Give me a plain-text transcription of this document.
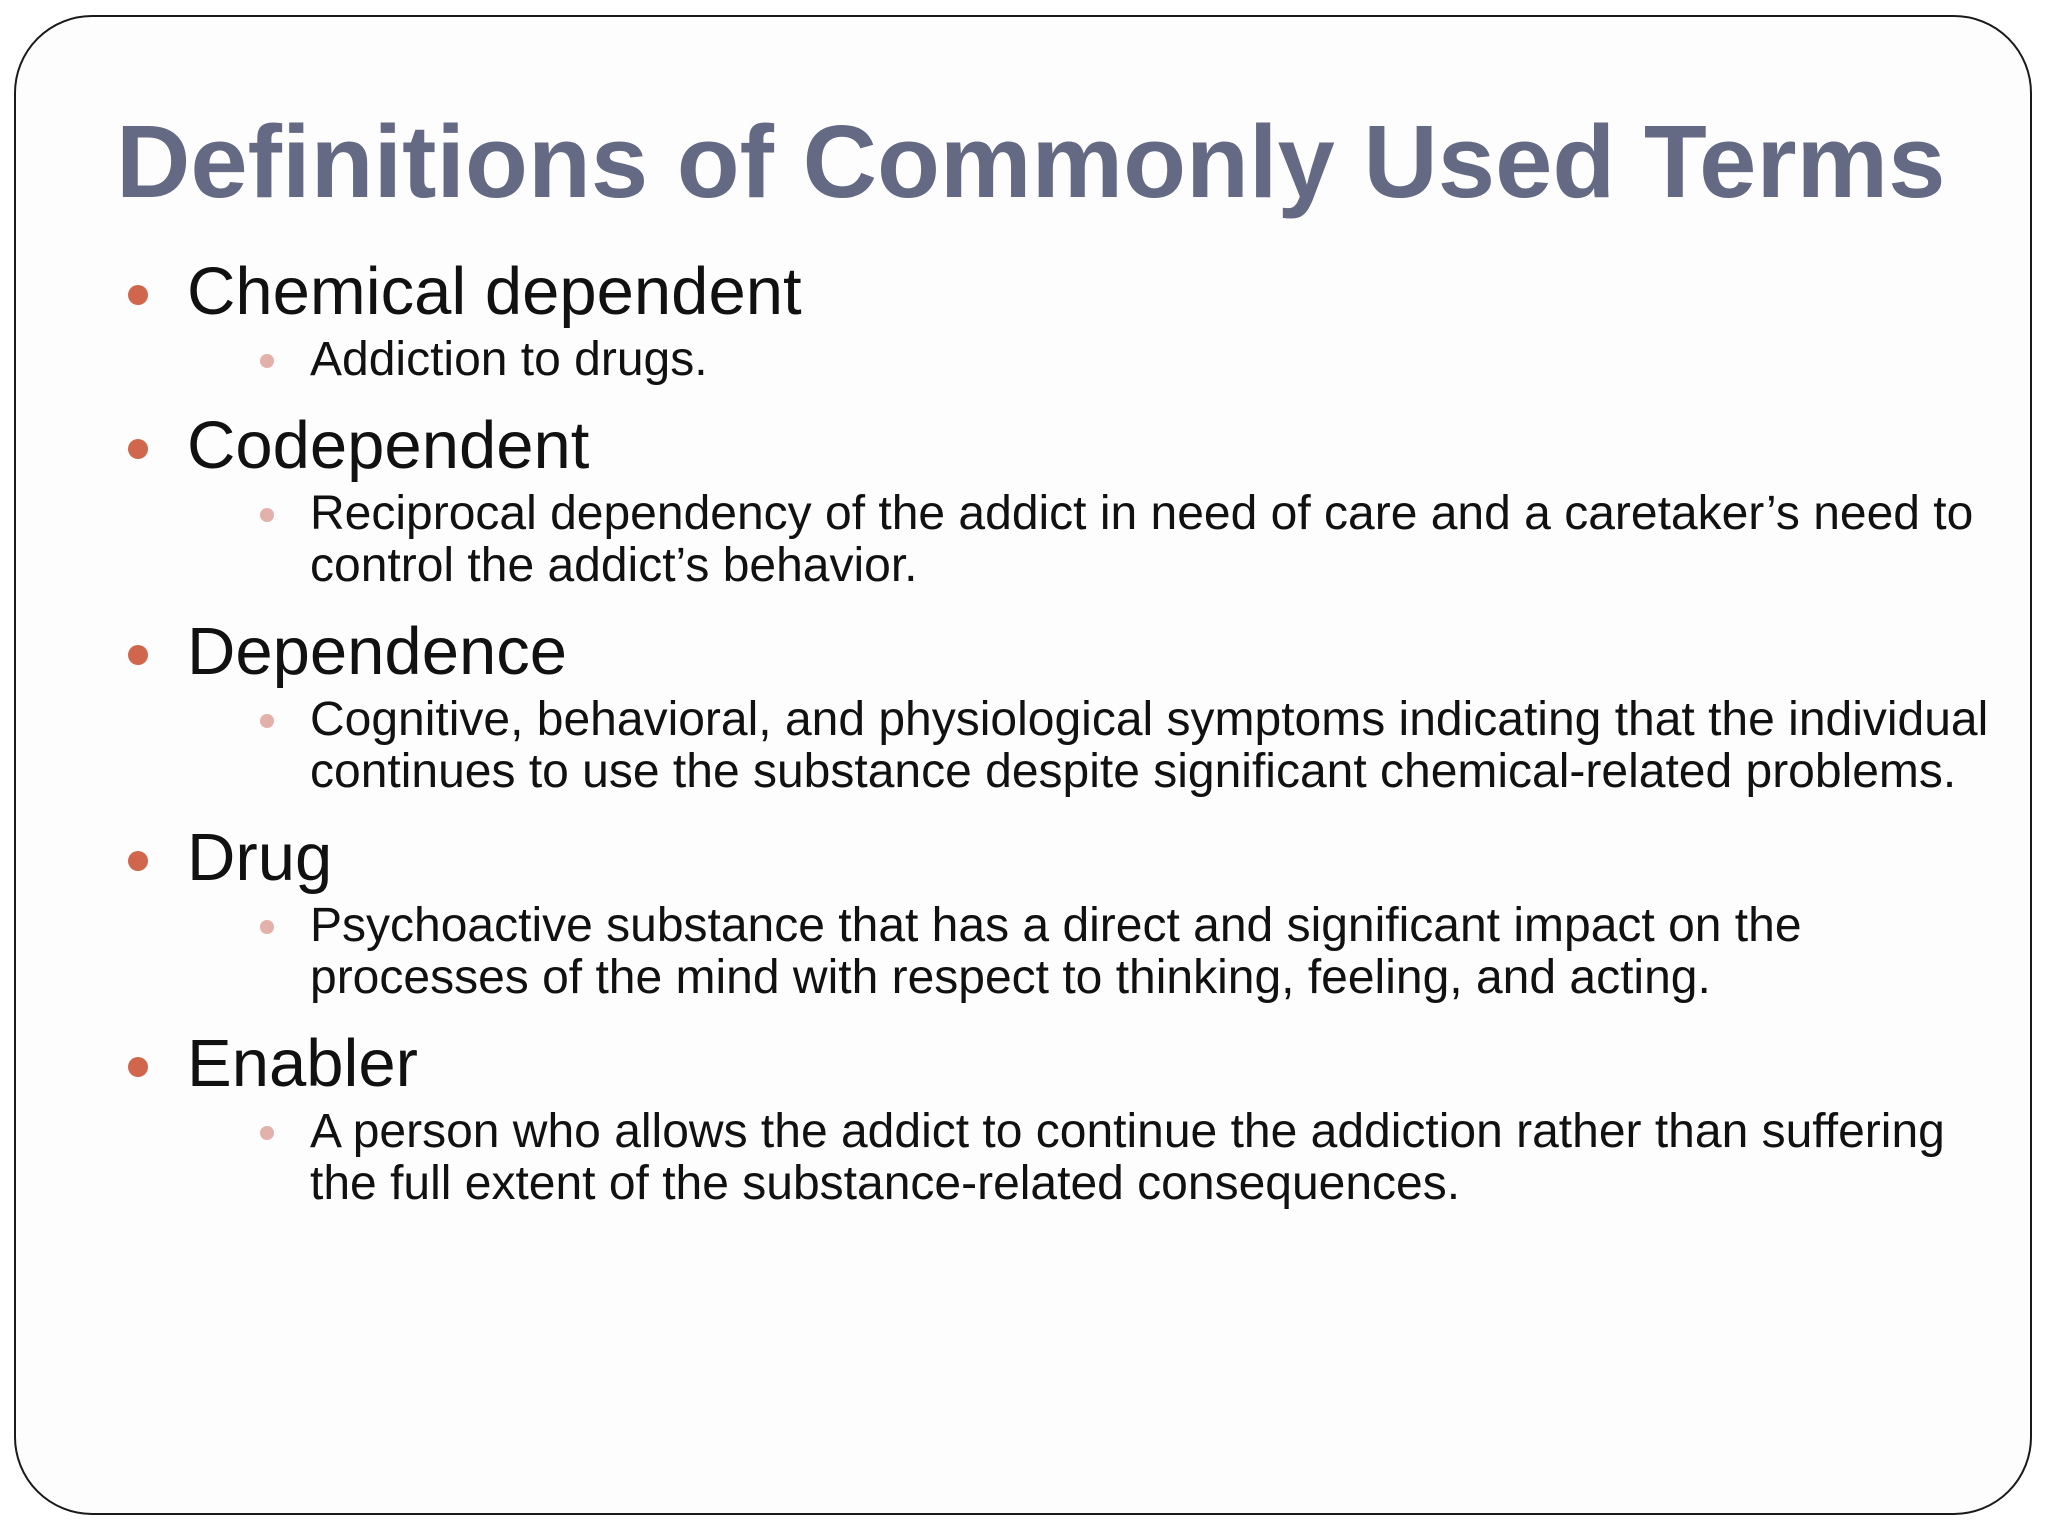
Definitions of Commonly Used Terms
Chemical dependent
Addiction to drugs.
Codependent
Reciprocal dependency of the addict in need of care and a caretaker’s need to control the addict’s behavior.
Dependence
Cognitive, behavioral, and physiological symptoms indicating that the individual continues to use the substance despite significant chemical-related problems.
Drug
Psychoactive substance that has a direct and significant impact on the processes of the mind with respect to thinking, feeling, and acting.
Enabler
A person who allows the addict to continue the addiction rather than suffering the full extent of the substance-related consequences.
